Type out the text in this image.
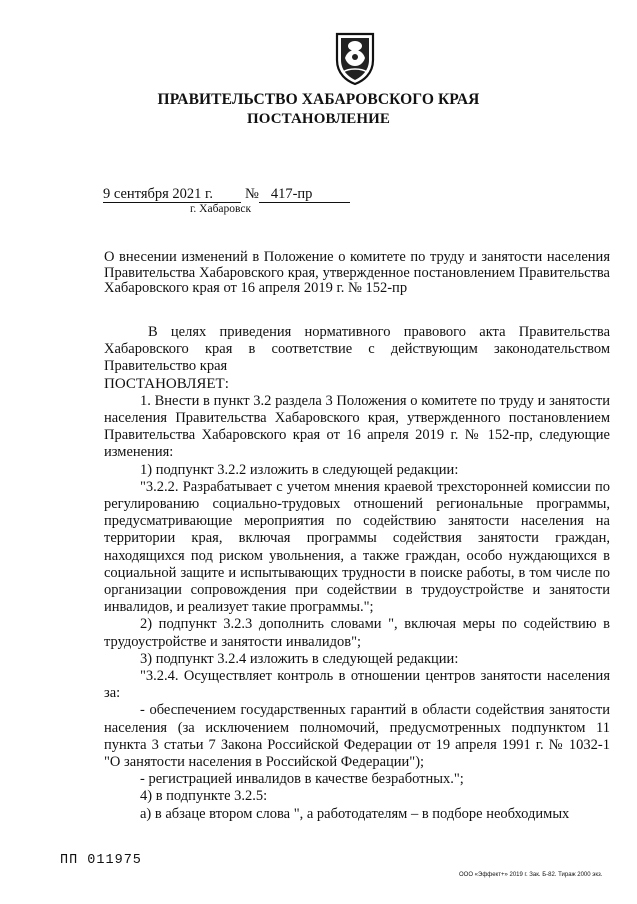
ПРАВИТЕЛЬСТВО ХАБАРОВСКОГО КРАЯ
ПОСТАНОВЛЕНИЕ
9 сентября 2021 г. № 417-пр
г. Хабаровск
О внесении изменений в Положение о комитете по труду и занятости населения Правительства Хабаровского края, утвержденное постановлением Правительства Хабаровского края от 16 апреля 2019 г. № 152-пр

В целях приведения нормативного правового акта Правительства Хабаровского края в соответствие с действующим законодательством Правительство края

ПОСТАНОВЛЯЕТ:

1. Внести в пункт 3.2 раздела 3 Положения о комитете по труду и занятости населения Правительства Хабаровского края, утвержденного постановлением Правительства Хабаровского края от 16 апреля 2019 г. № 152-пр, следующие изменения:

1) подпункт 3.2.2 изложить в следующей редакции:

"3.2.2. Разрабатывает с учетом мнения краевой трехсторонней комиссии по регулированию социально-трудовых отношений региональные программы, предусматривающие мероприятия по содействию занятости населения на территории края, включая программы содействия занятости граждан, находящихся под риском увольнения, а также граждан, особо нуждающихся в социальной защите и испытывающих трудности в поиске работы, в том числе по организации сопровождения при содействии в трудоустройстве и занятости инвалидов, и реализует такие программы.";

2) подпункт 3.2.3 дополнить словами ", включая меры по содействию в трудоустройстве и занятости инвалидов";

3) подпункт 3.2.4 изложить в следующей редакции:

"3.2.4. Осуществляет контроль в отношении центров занятости населения за:

- обеспечением государственных гарантий в области содействия занятости населения (за исключением полномочий, предусмотренных подпунктом 11 пункта 3 статьи 7 Закона Российской Федерации от 19 апреля 1991 г. № 1032-1 "О занятости населения в Российской Федерации");

- регистрацией инвалидов в качестве безработных.";

4) в подпункте 3.2.5:

а) в абзаце втором слова ", а работодателям – в подборе необходимых

ПП 011975
ООО «Эффект+» 2019 г. Зак. Б-82. Тираж 2000 экз.
